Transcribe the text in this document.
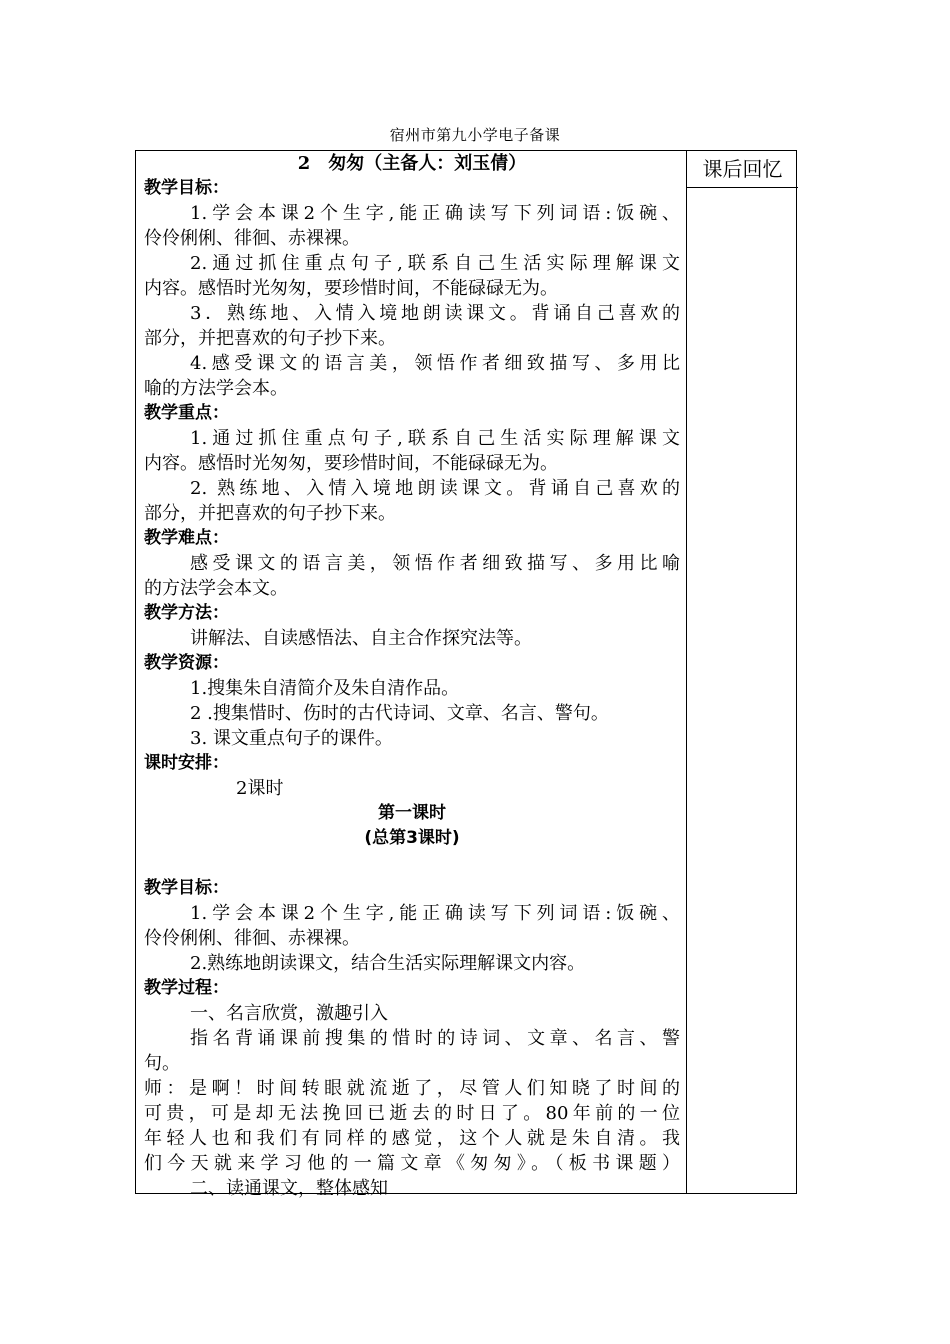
宿州市第九小学电子备课
课后回忆
2　匆匆（主备人：刘玉倩）
教学目标：
1.学会本课2个生字,能正确读写下列词语:饭碗、
伶伶俐俐、徘徊、赤裸裸。
2.通过抓住重点句子,联系自己生活实际理解课文
内容。感悟时光匆匆，要珍惜时间，不能碌碌无为。
3．熟练地、入情入境地朗读课文。背诵自己喜欢的
部分，并把喜欢的句子抄下来。
4.感受课文的语言美，领悟作者细致描写、多用比
喻的方法学会本。
教学重点：
1.通过抓住重点句子,联系自己生活实际理解课文
内容。感悟时光匆匆，要珍惜时间，不能碌碌无为。
2. 熟练地、入情入境地朗读课文。背诵自己喜欢的
部分，并把喜欢的句子抄下来。
教学难点：
感受课文的语言美，领悟作者细致描写、多用比喻
的方法学会本文。
教学方法：
讲解法、自读感悟法、自主合作探究法等。
教学资源：
1.搜集朱自清简介及朱自清作品。
2 .搜集惜时、伤时的古代诗词、文章、名言、警句。
3. 课文重点句子的课件。
课时安排：
2课时
第一课时
(总第3课时)
教学目标：
1.学会本课2个生字,能正确读写下列词语:饭碗、
伶伶俐俐、徘徊、赤裸裸。
2.熟练地朗读课文，结合生活实际理解课文内容。
教学过程：
一、名言欣赏，激趣引入
指名背诵课前搜集的惜时的诗词、文章、名言、警
句。
师：是啊！时间转眼就流逝了，尽管人们知晓了时间的
可贵，可是却无法挽回已逝去的时日了。80年前的一位
年轻人也和我们有同样的感觉，这个人就是朱自清。我
们今天就来学习他的一篇文章《匆匆》。（板书课题）
二、读通课文，整体感知
